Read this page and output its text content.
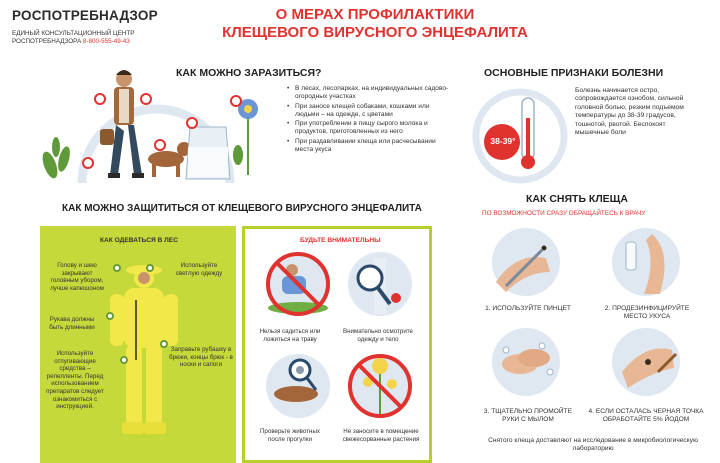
РОСПОТРЕБНАДЗОР
ЕДИНЫЙ КОНСУЛЬТАЦИОННЫЙ ЦЕНТР
РОСПОТРЕБНАДЗОРА 8-800-555-49-43
О МЕРАХ ПРОФИЛАКТИКИ
КЛЕЩЕВОГО ВИРУСНОГО ЭНЦЕФАЛИТА
КАК МОЖНО ЗАРАЗИТЬСЯ?
• В лесах, лесопарках, на индивидуальных садово-огородных участках
• При заносе клещей собаками, кошками или людьми – на одежде, с цветами
• При употреблении в пищу сырого молока и продуктов, приготовленных из него
• При раздавливании клеща или расчесывании места укуса
ОСНОВНЫЕ ПРИЗНАКИ БОЛЕЗНИ
38-39°
Болезнь начинается остро, сопровождается ознобом, сильной головной болью, резким подъемом температуры до 38-39 градусов, тошнотой, рвотой. Беспокоят мышечные боли
КАК МОЖНО ЗАЩИТИТЬСЯ ОТ КЛЕЩЕВОГО ВИРУСНОГО ЭНЦЕФАЛИТА
КАК ОДЕВАТЬСЯ В ЛЕС
Голову и шею закрывают головным убором, лучше капюшоном
Используйте светлую одежду
Рукава должны быть длинными
Заправьте рубашку в брюки, концы брюк - в носки и сапоги
Используйте отпугивающие средства – репелленты. Перед использованием препаратов следует ознакомиться с инструкцией.
БУДЬТЕ ВНИМАТЕЛЬНЫ
Нельзя садиться или ложиться на траву
Внимательно осмотрите одежду и тело
Проверьте животных после прогулки
Не заносите в помещение свежесорванные растения
КАК СНЯТЬ КЛЕЩА
ПО ВОЗМОЖНОСТИ СРАЗУ ОБРАЩАЙТЕСЬ К ВРАЧУ
1. ИСПОЛЬЗУЙТЕ ПИНЦЕТ	2. ПРОДЕЗИНФИЦИРУЙТЕ МЕСТО УКУСА
3. ТЩАТЕЛЬНО ПРОМОЙТЕ РУКИ С МЫЛОМ
4. ЕСЛИ ОСТАЛАСЬ ЧЕРНАЯ ТОЧКА ОБРАБОТАЙТЕ 5% ЙОДОМ
Снятого клеща доставляют на исследование в микробиологическую лабораторию
